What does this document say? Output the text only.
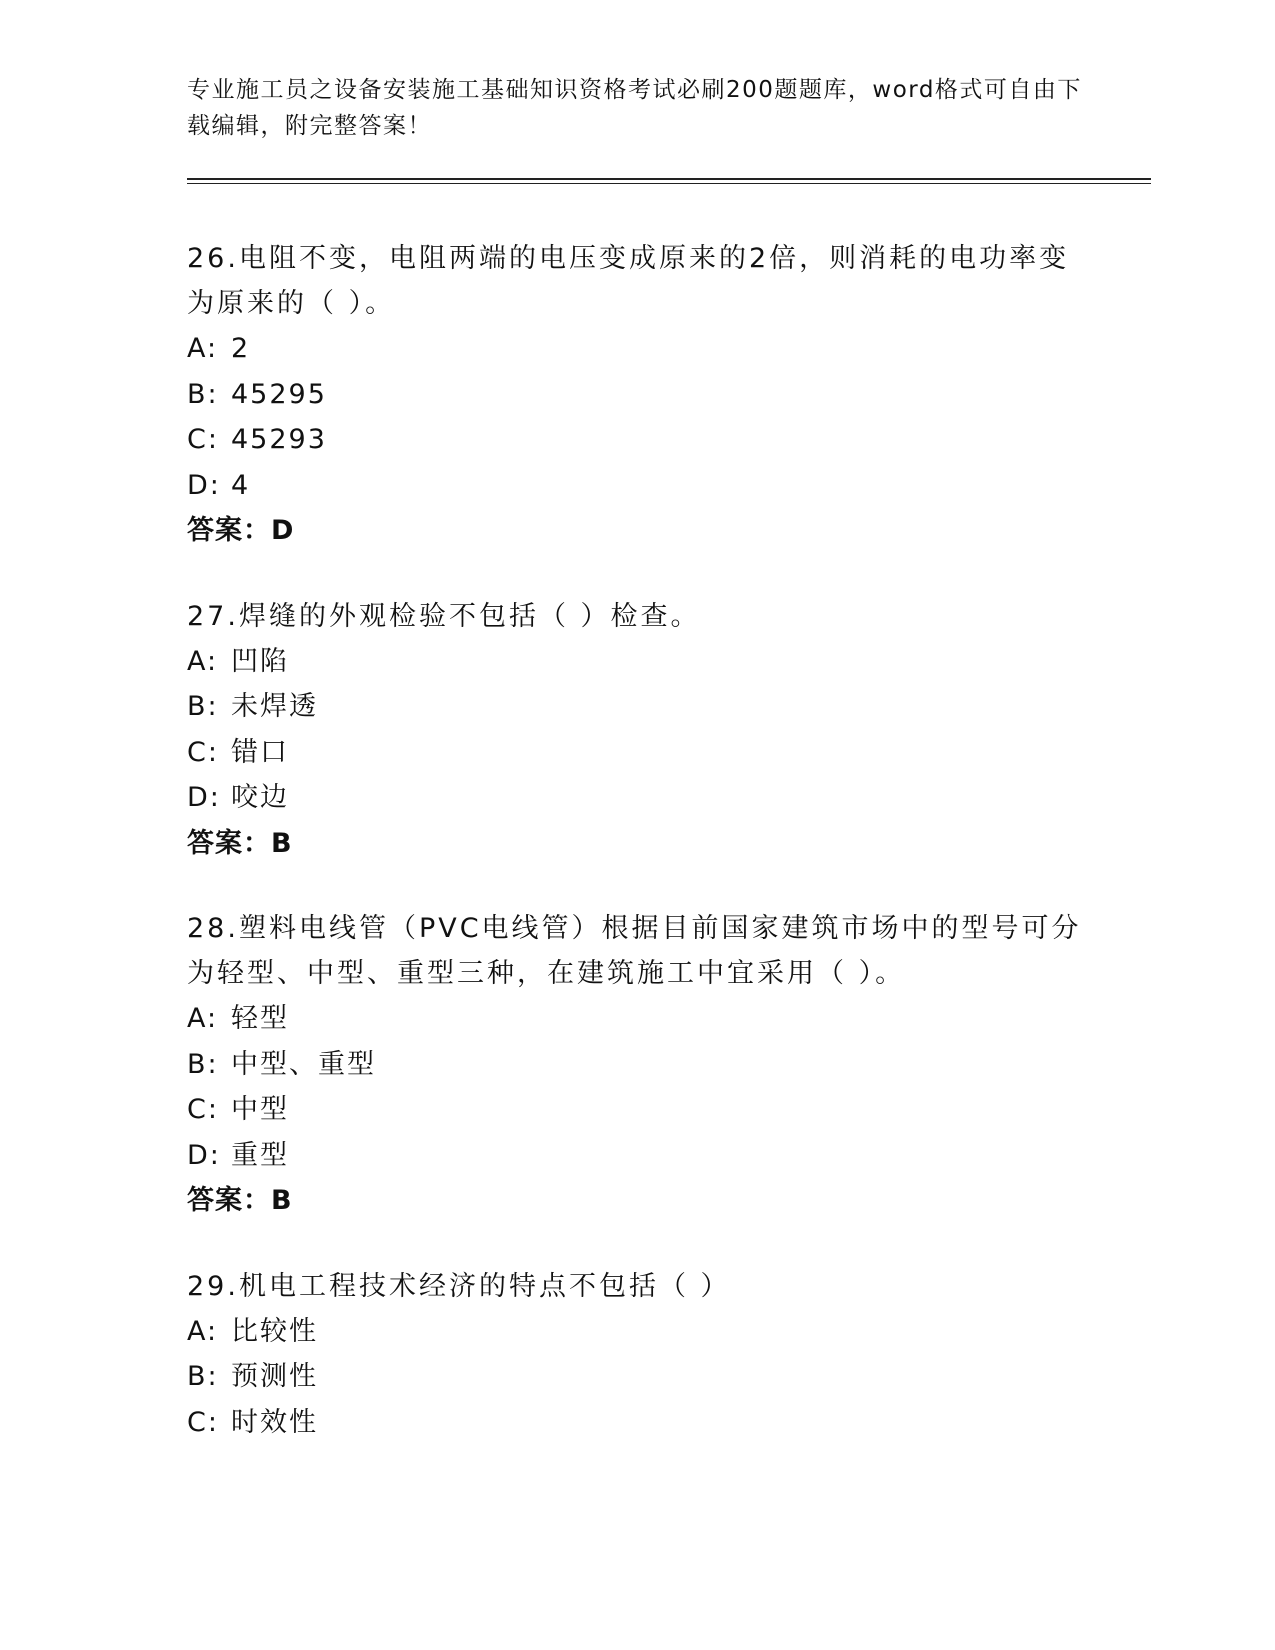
专业施工员之设备安装施工基础知识资格考试必刷200题题库，word格式可自由下载编辑，附完整答案！
26.电阻不变，电阻两端的电压变成原来的2倍，则消耗的电功率变为原来的（ ）。
A: 2
B: 45295
C: 45293
D: 4
答案：D
27.焊缝的外观检验不包括（ ）检查。
A: 凹陷
B: 未焊透
C: 错口
D: 咬边
答案：B
28.塑料电线管（PVC电线管）根据目前国家建筑市场中的型号可分为轻型、中型、重型三种，在建筑施工中宜采用（ ）。
A: 轻型
B: 中型、重型
C: 中型
D: 重型
答案：B
29.机电工程技术经济的特点不包括（ ）
A: 比较性
B: 预测性
C: 时效性
